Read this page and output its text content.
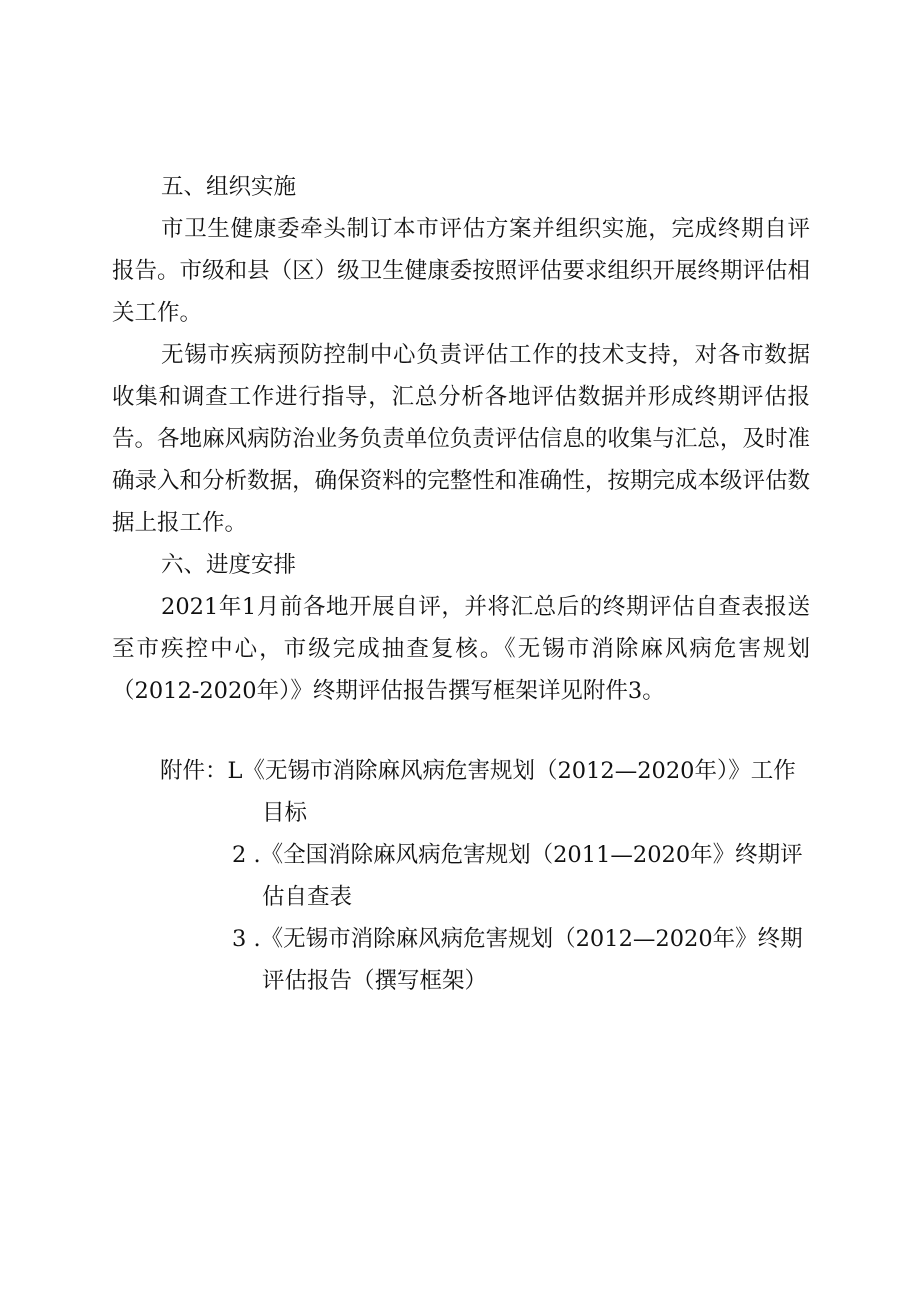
五、组织实施

市卫生健康委牵头制订本市评估方案并组织实施，完成终期自评报告。市级和县（区）级卫生健康委按照评估要求组织开展终期评估相关工作。

无锡市疾病预防控制中心负责评估工作的技术支持，对各市数据收集和调查工作进行指导，汇总分析各地评估数据并形成终期评估报告。各地麻风病防治业务负责单位负责评估信息的收集与汇总，及时准确录入和分析数据，确保资料的完整性和准确性，按期完成本级评估数据上报工作。

六、进度安排

2021年1月前各地开展自评，并将汇总后的终期评估自查表报送至市疾控中心，市级完成抽查复核。《无锡市消除麻风病危害规划（2012-2020年）》终期评估报告撰写框架详见附件3。

附件：L《无锡市消除麻风病危害规划（2012—2020年）》工作
目标
2 .《全国消除麻风病危害规划（2011—2020年》终期评
估自查表
3 .《无锡市消除麻风病危害规划（2012—2020年》终期
评估报告（撰写框架）
